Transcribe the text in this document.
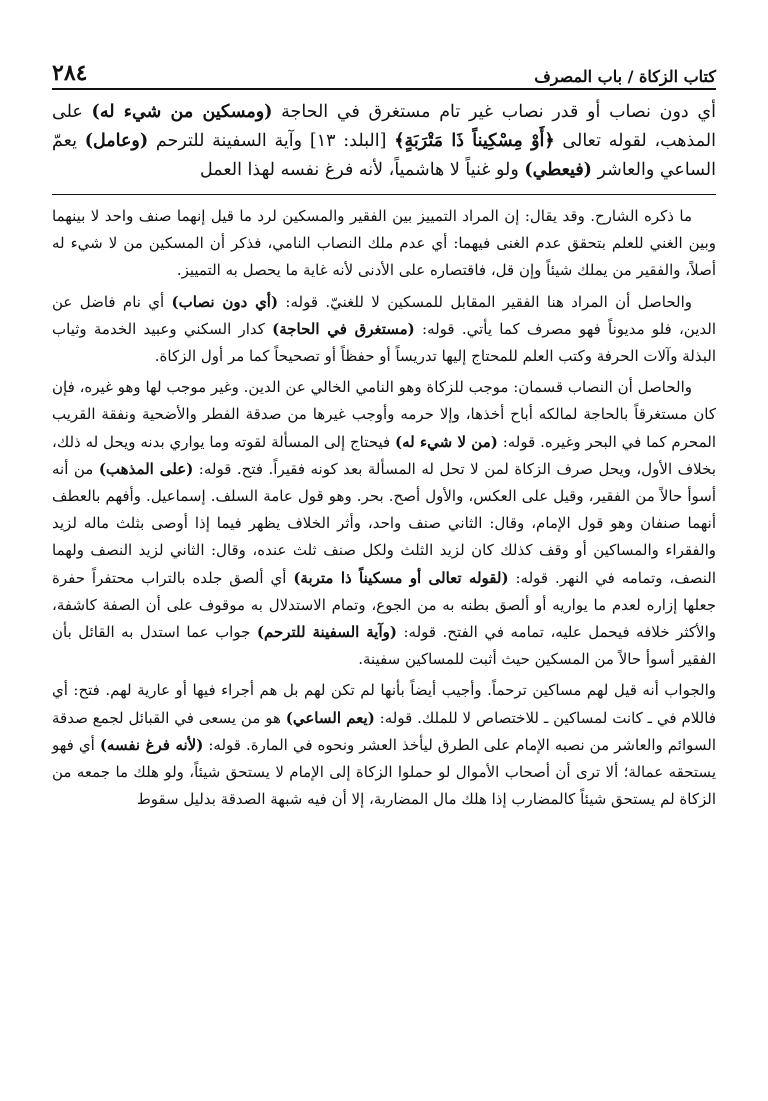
كتاب الزكاة / باب المصرف
٢٨٤

أي دون نصاب أو قدر نصاب غير تام مستغرق في الحاجة (ومسكين من شيء له) على المذهب، لقوله تعالى ﴿أَوْ مِسْكِيناً ذَا مَتْرَبَةٍ﴾ [البلد: ١٣] وآية السفينة للترحم (وعامل) يعمّ الساعي والعاشر (فيعطي) ولو غنياً لا هاشمياً، لأنه فرغ نفسه لهذا العمل

ما ذكره الشارح. وقد يقال: إن المراد التمييز بين الفقير والمسكين لرد ما قيل إنهما صنف واحد لا بينهما وبين الغني للعلم بتحقق عدم الغنى فيهما: أي عدم ملك النصاب النامي، فذكر أن المسكين من لا شيء له أصلاً، والفقير من يملك شيئاً وإن قل، فاقتصاره على الأدنى لأنه غاية ما يحصل به التمييز.

والحاصل أن المراد هنا الفقير المقابل للمسكين لا للغنيّ. قوله: (أي دون نصاب) أي نام فاضل عن الدين، فلو مديوناً فهو مصرف كما يأتي. قوله: (مستغرق في الحاجة) كدار السكني وعبيد الخدمة وثياب البذلة وآلات الحرفة وكتب العلم للمحتاج إليها تدريساً أو حفظاً أو تصحيحاً كما مر أول الزكاة.

والحاصل أن النصاب قسمان: موجب للزكاة وهو النامي الخالي عن الدين. وغير موجب لها وهو غيره، فإن كان مستغرقاً بالحاجة لمالكه أباح أخذها، وإلا حرمه وأوجب غيرها من صدقة الفطر والأضحية ونفقة القريب المحرم كما في البحر وغيره. قوله: (من لا شيء له) فيحتاج إلى المسألة لقوته وما يواري بدنه ويحل له ذلك، بخلاف الأول، ويحل صرف الزكاة لمن لا تحل له المسألة بعد كونه فقيراً. فتح. قوله: (على المذهب) من أنه أسوأ حالاً من الفقير، وقيل على العكس، والأول أصح. بحر. وهو قول عامة السلف. إسماعيل. وأفهم بالعطف أنهما صنفان وهو قول الإمام، وقال: الثاني صنف واحد، وأثر الخلاف يظهر فيما إذا أوصى بثلث ماله لزيد والفقراء والمساكين أو وقف كذلك كان لزيد الثلث ولكل صنف ثلث عنده، وقال: الثاني لزيد النصف ولهما النصف، وتمامه في النهر. قوله: (لقوله تعالى أو مسكيناً ذا متربة) أي ألصق جلده بالتراب محتفراً حفرة جعلها إزاره لعدم ما يواريه أو ألصق بطنه به من الجوع، وتمام الاستدلال به موقوف على أن الصفة كاشفة، والأكثر خلافه فيحمل عليه، تمامه في الفتح. قوله: (وآية السفينة للترحم) جواب عما استدل به القائل بأن الفقير أسوأ حالاً من المسكين حيث أثبت للمساكين سفينة.

والجواب أنه قيل لهم مساكين ترحماً. وأجيب أيضاً بأنها لم تكن لهم بل هم أجراء فيها أو عارية لهم. فتح: أي فاللام في ـ كانت لمساكين ـ للاختصاص لا للملك. قوله: (يعم الساعي) هو من يسعى في القبائل لجمع صدقة السوائم والعاشر من نصبه الإمام على الطرق ليأخذ العشر ونحوه في المارة. قوله: (لأنه فرغ نفسه) أي فهو يستحقه عمالة؛ ألا ترى أن أصحاب الأموال لو حملوا الزكاة إلى الإمام لا يستحق شيئاً، ولو هلك ما جمعه من الزكاة لم يستحق شيئاً كالمضارب إذا هلك مال المضاربة، إلا أن فيه شبهة الصدقة بدليل سقوط
